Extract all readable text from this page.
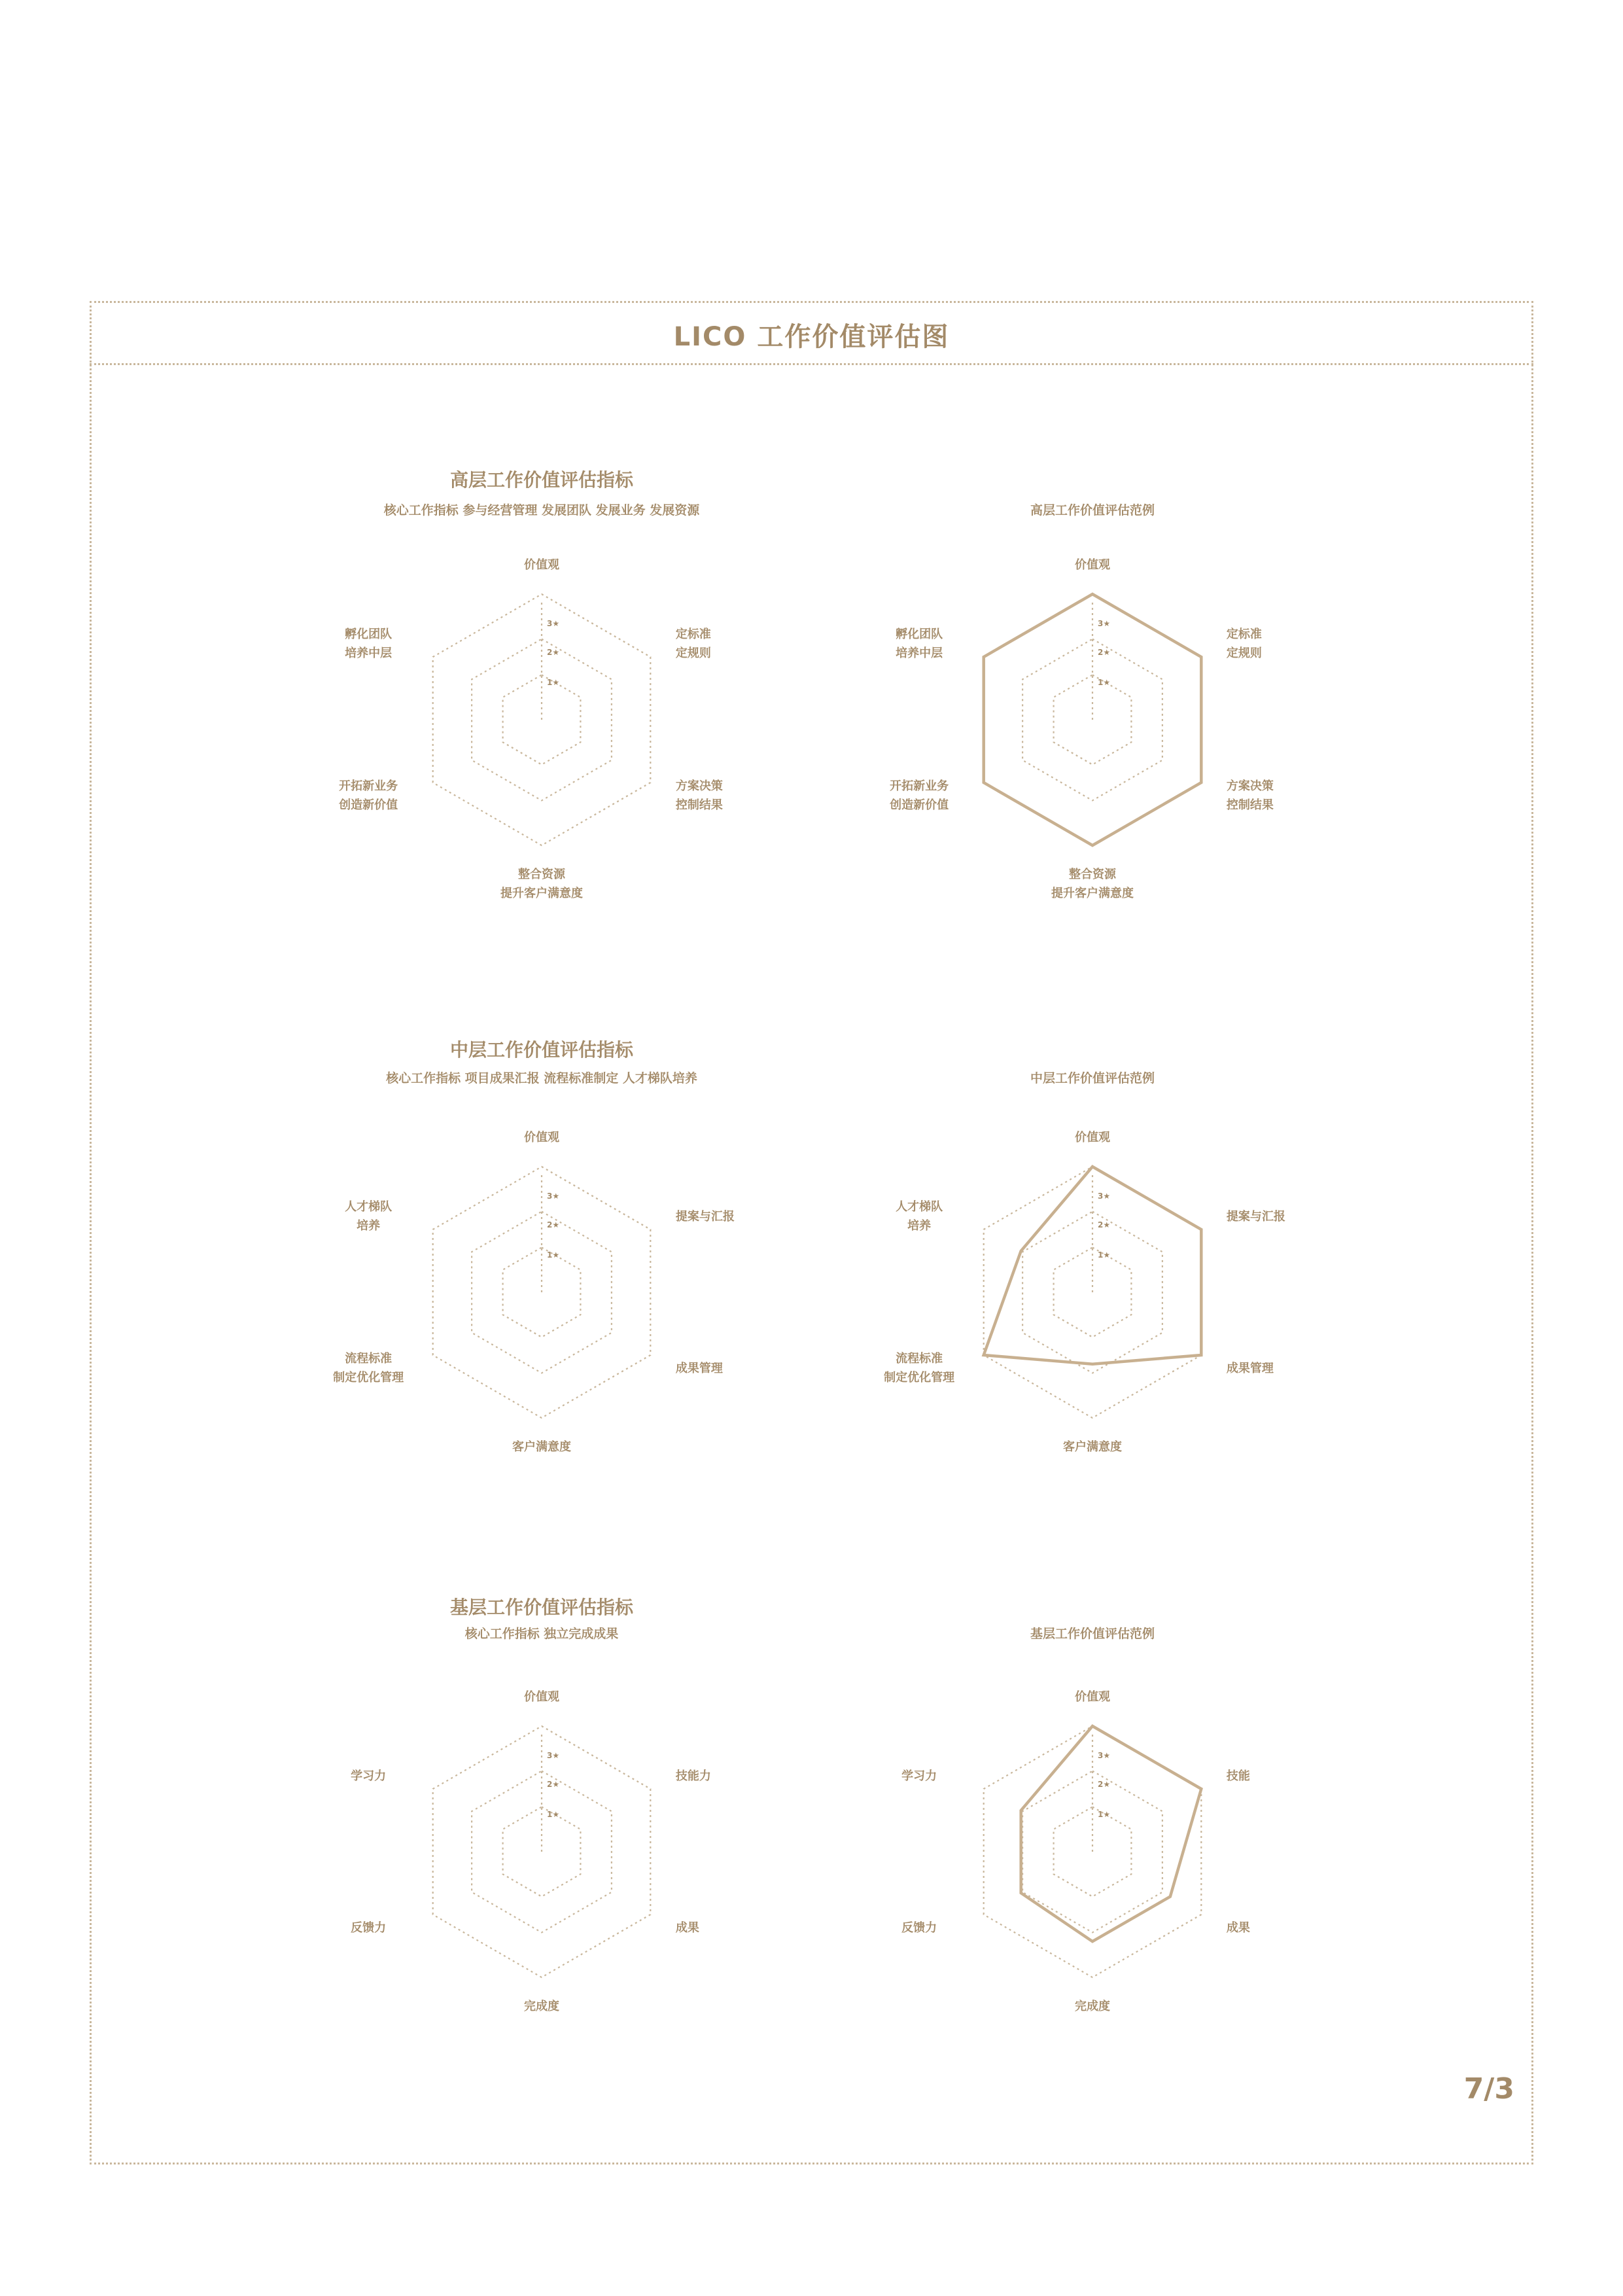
LICO 工作价值评估图
7/3
高层工作价值评估指标
核心工作指标 参与经营管理 发展团队 发展业务 发展资源
1★
2★
3★
价值观
定标准
定规则
方案决策
控制结果
整合资源
提升客户满意度
开拓新业务
创造新价值
孵化团队
培养中层
高层工作价值评估范例
1★
2★
3★
价值观
定标准
定规则
方案决策
控制结果
整合资源
提升客户满意度
开拓新业务
创造新价值
孵化团队
培养中层
中层工作价值评估指标
核心工作指标 项目成果汇报 流程标准制定 人才梯队培养
1★
2★
3★
价值观
提案与汇报
成果管理
客户满意度
流程标准
制定优化管理
人才梯队
培养
中层工作价值评估范例
1★
2★
3★
价值观
提案与汇报
成果管理
客户满意度
流程标准
制定优化管理
人才梯队
培养
基层工作价值评估指标
核心工作指标 独立完成成果
1★
2★
3★
价值观
技能力
成果
完成度
反馈力
学习力
基层工作价值评估范例
1★
2★
3★
价值观
技能
成果
完成度
反馈力
学习力
